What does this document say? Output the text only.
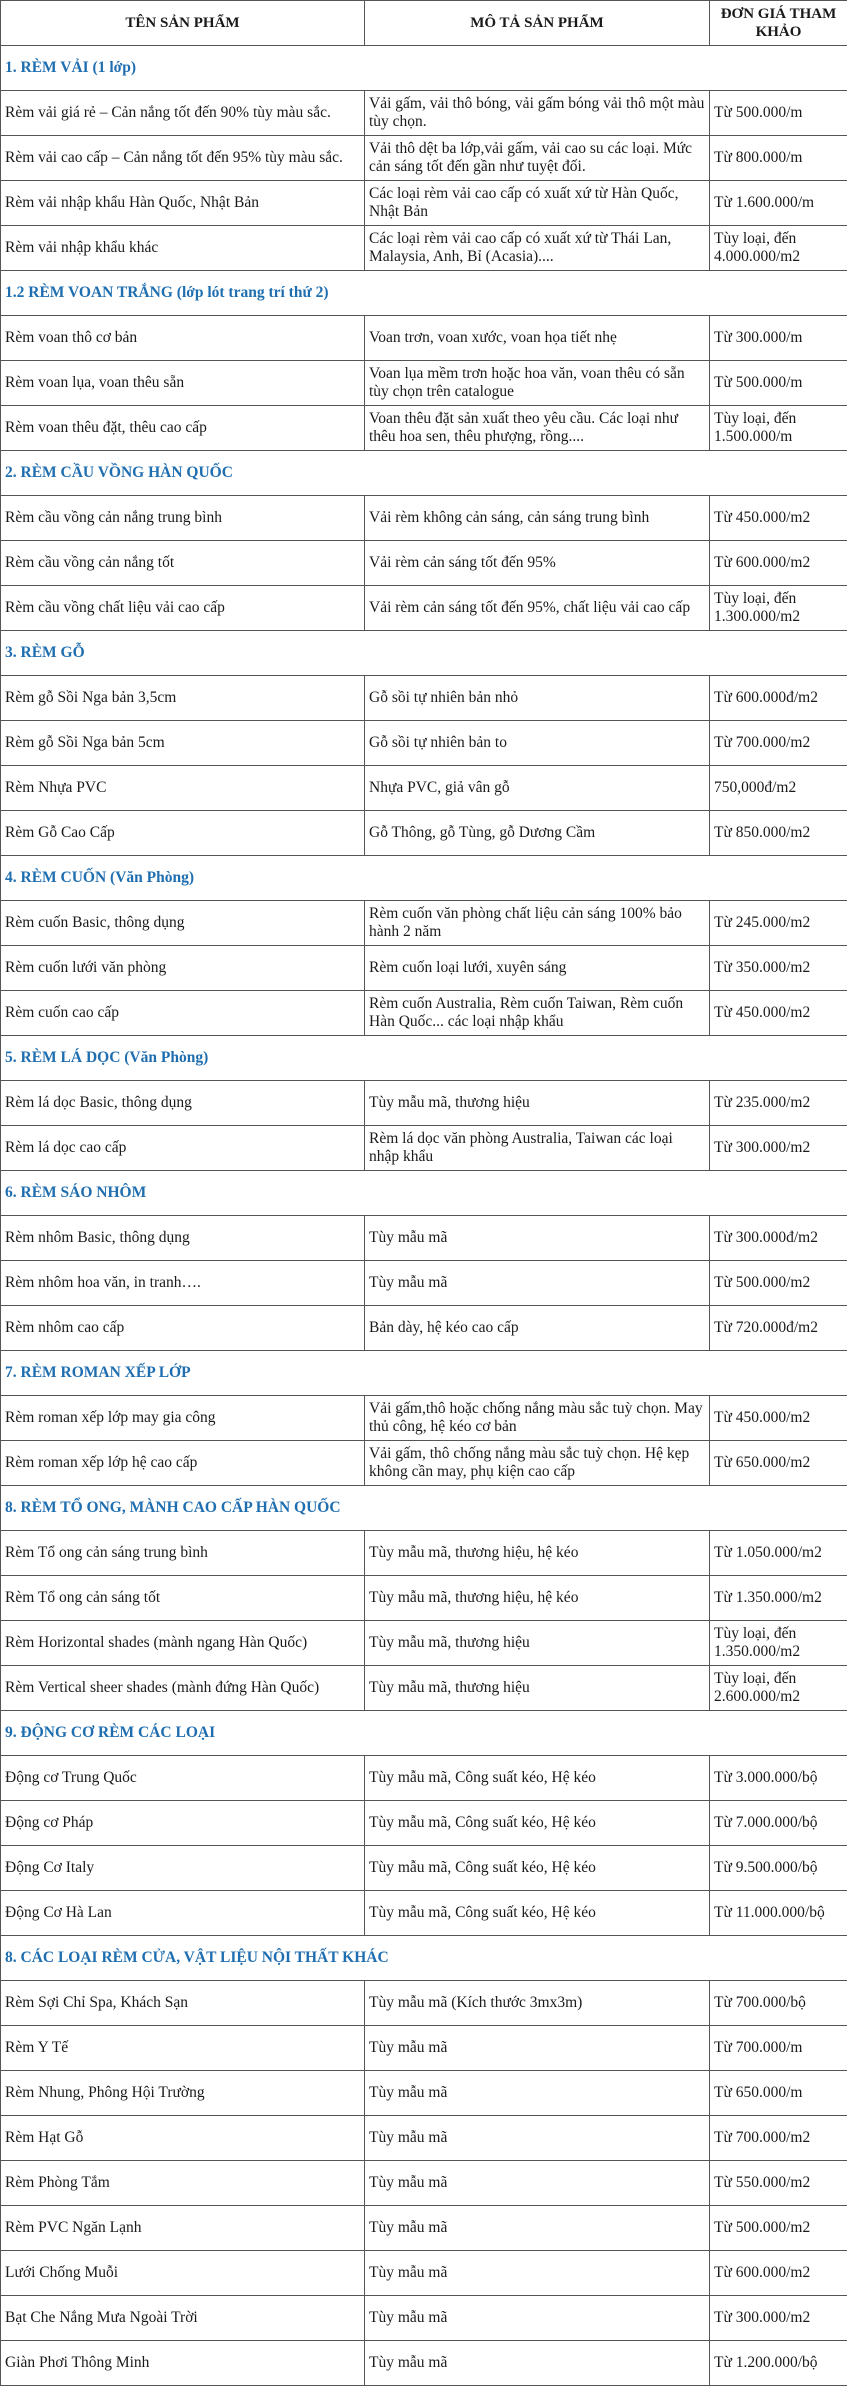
TÊN SẢN PHẨM	MÔ TẢ SẢN PHẨM	ĐƠN GIÁ THAM KHẢO
1. RÈM VẢI (1 lớp)		
Rèm vải giá rẻ – Cản nắng tốt đến 90% tùy màu sắc.	Vải gấm, vải thô bóng, vải gấm bóng vải thô một màu tùy chọn.	Từ 500.000/m
Rèm vải cao cấp – Cản nắng tốt đến 95% tùy màu sắc.	Vải thô dệt ba lớp,vải gấm, vải cao su các loại. Mức cản sáng tốt đến gần như tuyệt đối.	Từ 800.000/m
Rèm vải nhập khẩu Hàn Quốc, Nhật Bản	Các loại rèm vải cao cấp có xuất xứ từ Hàn Quốc, Nhật Bản	Từ 1.600.000/m
Rèm vải nhập khẩu khác	Các loại rèm vải cao cấp có xuất xứ từ Thái Lan, Malaysia, Anh, Bỉ (Acasia)....	Tùy loại, đến 4.000.000/m2
1.2 RÈM VOAN TRẮNG (lớp lót trang trí thứ 2)		
Rèm voan thô cơ bản	Voan trơn, voan xước, voan họa tiết nhẹ	Từ 300.000/m
Rèm voan lụa, voan thêu sẵn	Voan lụa mềm trơn hoặc hoa văn, voan thêu có sẵn tùy chọn trên catalogue	Từ 500.000/m
Rèm voan thêu đặt, thêu cao cấp	Voan thêu đặt sản xuất theo yêu cầu. Các loại như thêu hoa sen, thêu phượng, rồng....	Tùy loại, đến 1.500.000/m
2. RÈM CẦU VỒNG HÀN QUỐC		
Rèm cầu vồng cản nắng trung bình	Vải rèm không cản sáng, cản sáng trung bình	Từ 450.000/m2
Rèm cầu vồng cản nắng tốt	Vải rèm cản sáng tốt đến 95%	Từ 600.000/m2
Rèm cầu vồng chất liệu vải cao cấp	Vải rèm cản sáng tốt đến 95%, chất liệu vải cao cấp	Tùy loại, đến 1.300.000/m2
3. RÈM GỖ		
Rèm gỗ Sồi Nga bản 3,5cm	Gỗ sồi tự nhiên bản nhỏ	Từ 600.000đ/m2
Rèm gỗ Sồi Nga bản 5cm	Gỗ sồi tự nhiên bản to	Từ 700.000/m2
Rèm Nhựa PVC	Nhựa PVC, giả vân gỗ	750,000đ/m2
Rèm Gỗ Cao Cấp	Gỗ Thông, gỗ Tùng, gỗ Dương Cầm	Từ 850.000/m2
4. RÈM CUỐN (Văn Phòng)		
Rèm cuốn Basic, thông dụng	Rèm cuốn văn phòng chất liệu cản sáng 100% bảo hành 2 năm	Từ 245.000/m2
Rèm cuốn lưới văn phòng	Rèm cuốn loại lưới, xuyên sáng	Từ 350.000/m2
Rèm cuốn cao cấp	Rèm cuốn Australia, Rèm cuốn Taiwan, Rèm cuốn Hàn Quốc... các loại nhập khẩu	Từ 450.000/m2
5. RÈM LÁ DỌC (Văn Phòng)		
Rèm lá dọc Basic, thông dụng	Tùy mẫu mã, thương hiệu	Từ 235.000/m2
Rèm lá dọc cao cấp	Rèm lá dọc văn phòng Australia, Taiwan các loại nhập khẩu	Từ 300.000/m2
6. RÈM SÁO NHÔM		
Rèm nhôm Basic, thông dụng	Tùy mẫu mã	Từ 300.000đ/m2
Rèm nhôm hoa văn, in tranh….	Tùy mẫu mã	Từ 500.000/m2
Rèm nhôm cao cấp	Bản dày, hệ kéo cao cấp	Từ 720.000đ/m2
7. RÈM ROMAN XẾP LỚP		
Rèm roman xếp lớp may gia công	Vải gấm,thô hoặc chống nắng màu sắc tuỳ chọn. May thủ công, hệ kéo cơ bản	Từ 450.000/m2
Rèm roman xếp lớp hệ cao cấp	Vải gấm, thô chống nắng màu sắc tuỳ chọn. Hệ kẹp không cần may, phụ kiện cao cấp	Từ 650.000/m2
8. RÈM TỔ ONG, MÀNH CAO CẤP HÀN QUỐC		
Rèm Tổ ong cản sáng trung bình	Tùy mẫu mã, thương hiệu, hệ kéo	Từ 1.050.000/m2
Rèm Tổ ong cản sáng tốt	Tùy mẫu mã, thương hiệu, hệ kéo	Từ 1.350.000/m2
Rèm Horizontal shades (mành ngang Hàn Quốc)	Tùy mẫu mã, thương hiệu	Tùy loại, đến 1.350.000/m2
Rèm Vertical sheer shades (mành đứng Hàn Quốc)	Tùy mẫu mã, thương hiệu	Tùy loại, đến 2.600.000/m2
9. ĐỘNG CƠ RÈM CÁC LOẠI		
Động cơ Trung Quốc	Tùy mẫu mã, Công suất kéo, Hệ kéo	Từ 3.000.000/bộ
Động cơ Pháp	Tùy mẫu mã, Công suất kéo, Hệ kéo	Từ 7.000.000/bộ
Động Cơ Italy	Tùy mẫu mã, Công suất kéo, Hệ kéo	Từ 9.500.000/bộ
Động Cơ Hà Lan	Tùy mẫu mã, Công suất kéo, Hệ kéo	Từ 11.000.000/bộ
8. CÁC LOẠI RÈM CỬA, VẬT LIỆU NỘI THẤT KHÁC		
Rèm Sợi Chỉ Spa, Khách Sạn	Tùy mẫu mã (Kích thước 3mx3m)	Từ 700.000/bộ
Rèm Y Tế	Tùy mẫu mã	Từ 700.000/m
Rèm Nhung, Phông Hội Trường	Tùy mẫu mã	Từ 650.000/m
Rèm Hạt Gỗ	Tùy mẫu mã	Từ 700.000/m2
Rèm Phòng Tắm	Tùy mẫu mã	Từ 550.000/m2
Rèm PVC Ngăn Lạnh	Tùy mẫu mã	Từ 500.000/m2
Lưới Chống Muỗi	Tùy mẫu mã	Từ 600.000/m2
Bạt Che Nắng Mưa Ngoài Trời	Tùy mẫu mã	Từ 300.000/m2
Giàn Phơi Thông Minh	Tùy mẫu mã	Từ 1.200.000/bộ
